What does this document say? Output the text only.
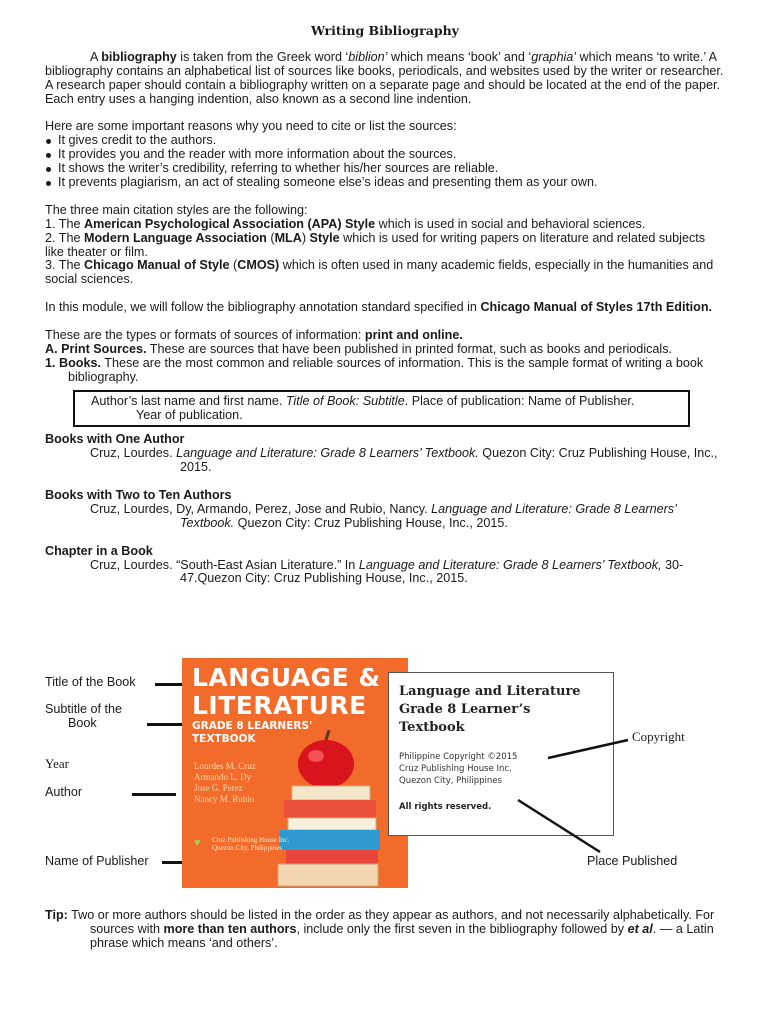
Writing Bibliography

A bibliography is taken from the Greek word ‘biblion’ which means ‘book’ and ‘graphia’ which means ‘to write.’ A bibliography contains an alphabetical list of sources like books, periodicals, and websites used by the writer or researcher.

A research paper should contain a bibliography written on a separate page and should be located at the end of the paper. Each entry uses a hanging indention, also known as a second line indention.

Here are some important reasons why you need to cite or list the sources:

It gives credit to the authors.
It provides you and the reader with more information about the sources.
It shows the writer’s credibility, referring to whether his/her sources are reliable.
It prevents plagiarism, an act of stealing someone else’s ideas and presenting them as your own.

The three main citation styles are the following:

1. The American Psychological Association (APA) Style which is used in social and behavioral sciences.

2. The Modern Language Association (MLA) Style which is used for writing papers on literature and related subjects like theater or film.

3. The Chicago Manual of Style (CMOS) which is often used in many academic fields, especially in the humanities and social sciences.

In this module, we will follow the bibliography annotation standard specified in Chicago Manual of Styles 17th Edition.

These are the types or formats of sources of information: print and online.

A. Print Sources. These are sources that have been published in printed format, such as books and periodicals.

1. Books. These are the most common and reliable sources of information. This is the sample format of writing a book bibliography.

Author’s last name and first name. Title of Book: Subtitle. Place of publication: Name of Publisher.
Year of publication.

Books with One Author

Cruz, Lourdes. Language and Literature: Grade 8 Learners’ Textbook. Quezon City: Cruz Publishing House, Inc., 2015.

Books with Two to Ten Authors

Cruz, Lourdes, Dy, Armando, Perez, Jose and Rubio, Nancy. Language and Literature: Grade 8 Learners’ Textbook. Quezon City: Cruz Publishing House, Inc., 2015.

Chapter in a Book

Cruz, Lourdes. “South-East Asian Literature.” In Language and Literature: Grade 8 Learners’ Textbook, 30-47.Quezon City: Cruz Publishing House, Inc., 2015.

Title of the Book
Subtitle of the
Book
Year
Author
Name of Publisher
LANGUAGE &
LITERATURE
GRADE 8 LEARNERS'
TEXTBOOK
Lourdes M. Cruz
Armando L. Dy
Jose G. Perez
Nancy M. Rubio
♥ Cruz Publishing House Inc.
Quezon City, Philippines
Language and Literature
Grade 8 Learner’s
Textbook
Philippine Copyright ©2015
Cruz Publishing House Inc.
Quezon City, Philippines
All rights reserved.
Copyright
Place Published

Tip: Two or more authors should be listed in the order as they appear as authors, and not necessarily alphabetically. For sources with more than ten authors, include only the first seven in the bibliography followed by et al. — a Latin phrase which means ‘and others’.
